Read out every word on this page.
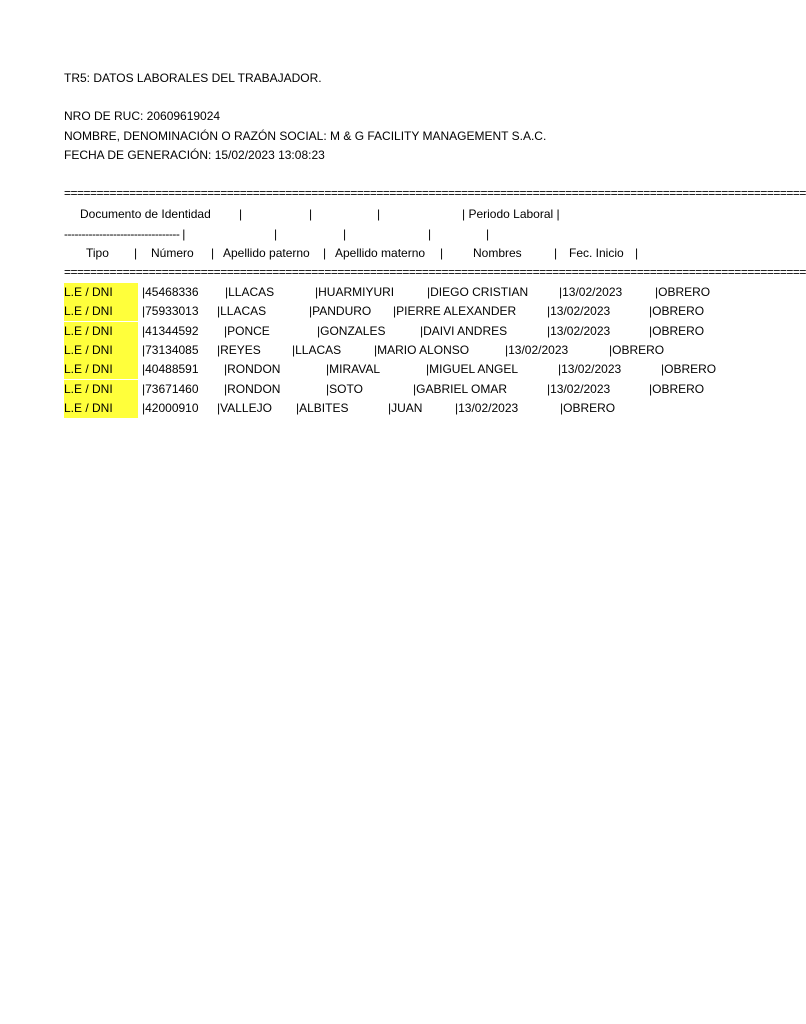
TR5: DATOS LABORALES DEL TRABAJADOR.
NRO DE RUC: 20609619024
NOMBRE, DENOMINACIÓN O RAZÓN SOCIAL: M & G FACILITY MANAGEMENT S.A.C.
FECHA DE GENERACIÓN: 15/02/2023 13:08:23
==================================================================================================================
Documento de Identidad |	|	|	| Periodo Laboral |
--------------------------------- |	|	|	|	|
Tipo | Número | Apellido paterno | Apellido materno | Nombres	| Fec. Inicio |
==================================================================================================================
L.E / DNI	|45468336 |LLACAS	|HUARMIYURI	|DIEGO CRISTIAN	|13/02/2023	|OBRERO
L.E / DNI	|75933013 |LLACAS	|PANDURO |PIERRE ALEXANDER	|13/02/2023	|OBRERO
L.E / DNI	|41344592 |PONCE	|GONZALES	|DAIVI ANDRES	|13/02/2023	|OBRERO
L.E / DNI	|73134085 |REYES	|LLACAS	|MARIO ALONSO	|13/02/2023	|OBRERO
L.E / DNI	|40488591 |RONDON	|MIRAVAL	|MIGUEL ANGEL	|13/02/2023	|OBRERO
L.E / DNI	|73671460 |RONDON	|SOTO	|GABRIEL OMAR	|13/02/2023	|OBRERO
L.E / DNI	|42000910 |VALLEJO |ALBITES	|JUAN	|13/02/2023	|OBRERO
